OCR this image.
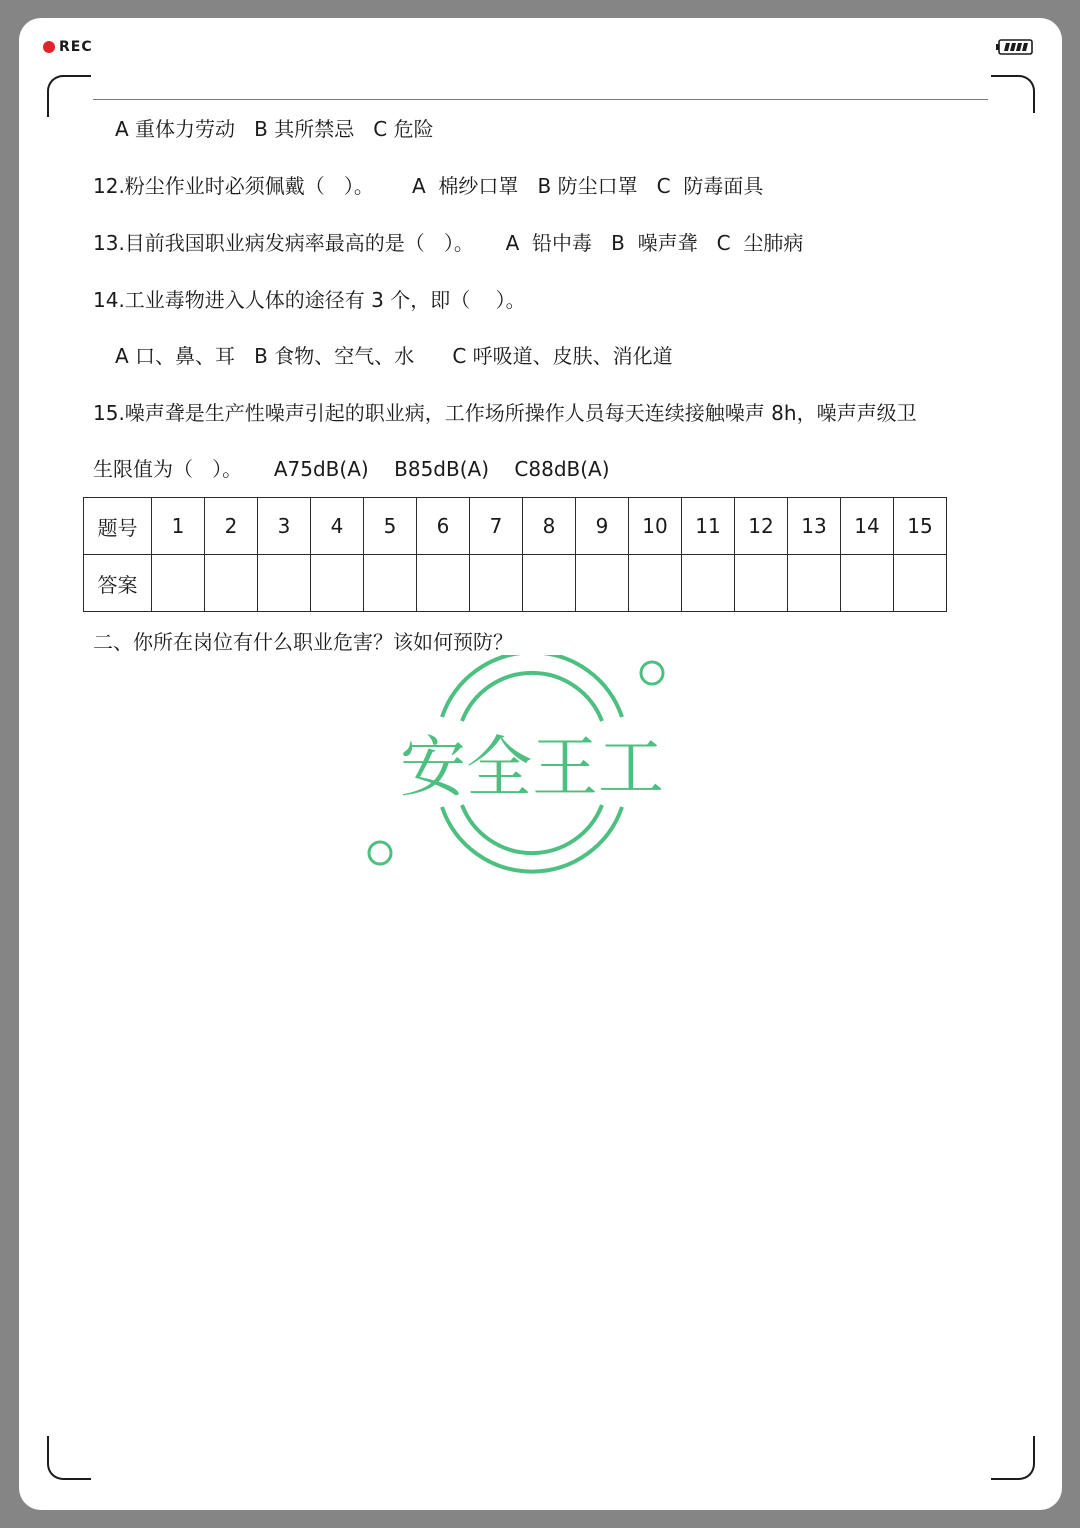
REC
A 重体力劳动   B 其所禁忌   C 危险
12.粉尘作业时必须佩戴（   ）。      A  棉纱口罩   B 防尘口罩   C  防毒面具
13.目前我国职业病发病率最高的是（   ）。     A  铅中毒   B  噪声聋   C  尘肺病
14.工业毒物进入人体的途径有 3 个，即（    ）。
A 口、鼻、耳   B 食物、空气、水      C 呼吸道、皮肤、消化道
15.噪声聋是生产性噪声引起的职业病，工作场所操作人员每天连续接触噪声 8h，噪声声级卫
生限值为（   ）。     A75dB(A)    B85dB(A)    C88dB(A)
题号	1	2	3	4	5	6	7	8	9	10	11	12	13	14	15
答案															
二、你所在岗位有什么职业危害？该如何预防？
安全王工
